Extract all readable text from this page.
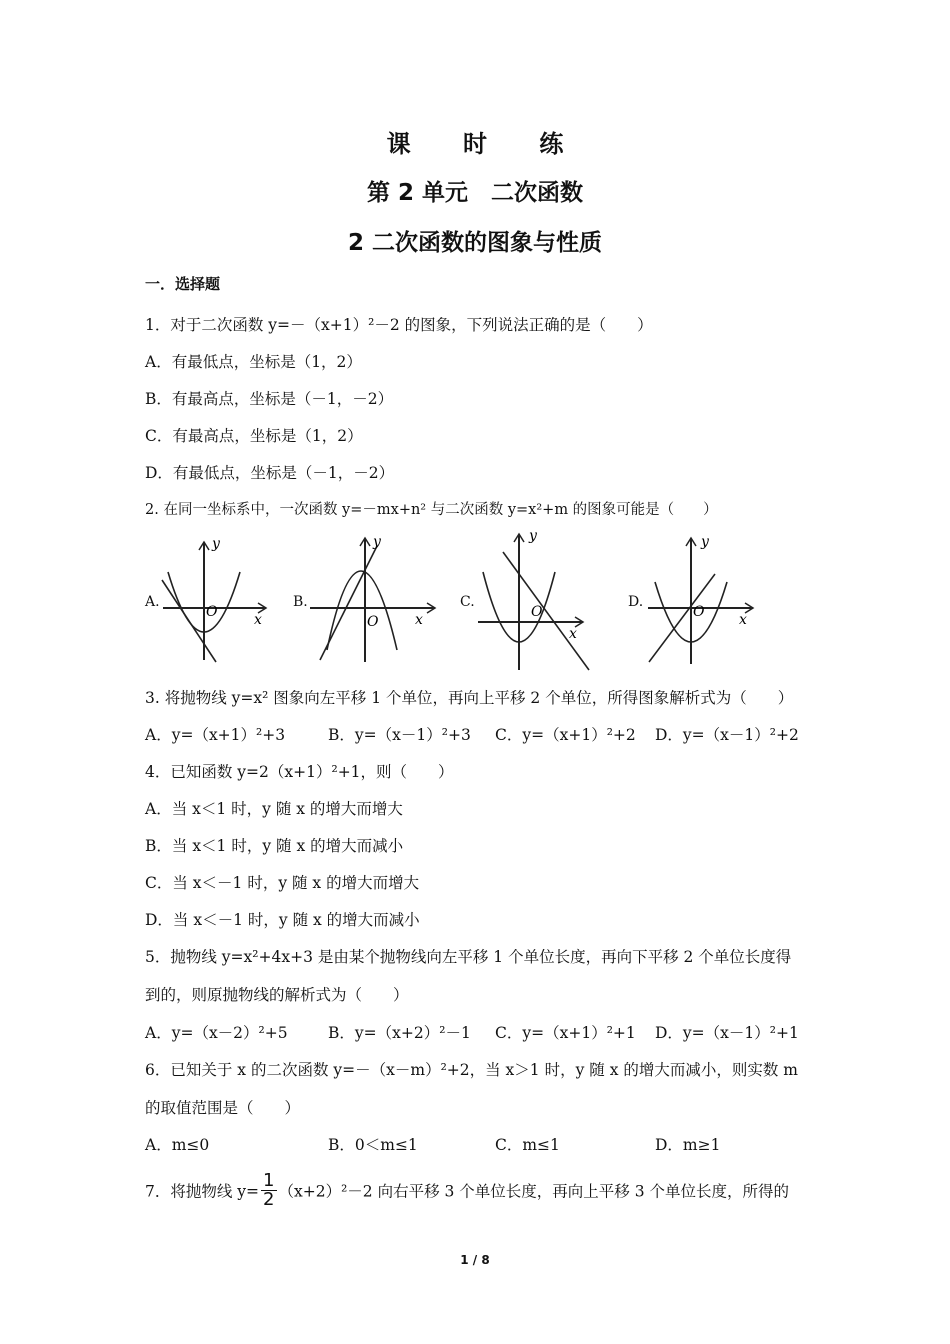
课 时 练
第 2 单元　二次函数
2 二次函数的图象与性质
一．选择题
1．对于二次函数 y=－（x+1）²－2 的图象，下列说法正确的是（　　）
A．有最低点，坐标是（1，2）
B．有最高点，坐标是（－1，－2）
C．有最高点，坐标是（1，2）
D．有最低点，坐标是（－1，－2）
2. 在同一坐标系中，一次函数 y=－mx+n² 与二次函数 y=x²+m 的图象可能是（　　）
A.
y
x
O
B.
y
x
O
C.
y
x
O
D.
y
x
O
3. 将抛物线 y=x² 图象向左平移 1 个单位，再向上平移 2 个单位，所得图象解析式为（　　）
A．y=（x+1）²+3	B．y=（x－1）²+3 C．y=（x+1）²+2 D．y=（x－1）²+2
4．已知函数 y=2（x+1）²+1，则（　　）
A．当 x＜1 时，y 随 x 的增大而增大
B．当 x＜1 时，y 随 x 的增大而减小
C．当 x＜－1 时，y 随 x 的增大而增大
D．当 x＜－1 时，y 随 x 的增大而减小
5．抛物线 y=x²+4x+3 是由某个抛物线向左平移 1 个单位长度，再向下平移 2 个单位长度得
到的，则原抛物线的解析式为（　　）
A．y=（x－2）²+5	B．y=（x+2）²－1 C．y=（x+1）²+1 D．y=（x－1）²+1
6．已知关于 x 的二次函数 y=－（x－m）²+2，当 x＞1 时，y 随 x 的增大而减小，则实数 m
的取值范围是（　　）
A．m≤0	B．0＜m≤1	C．m≤1	D．m≥1
7．将抛物线 $y= \frac{1}{2} (x+2)^2-2$ 向右平移 3 个单位长度，再向上平移 3 个单位长度，所得的
1 / 8
